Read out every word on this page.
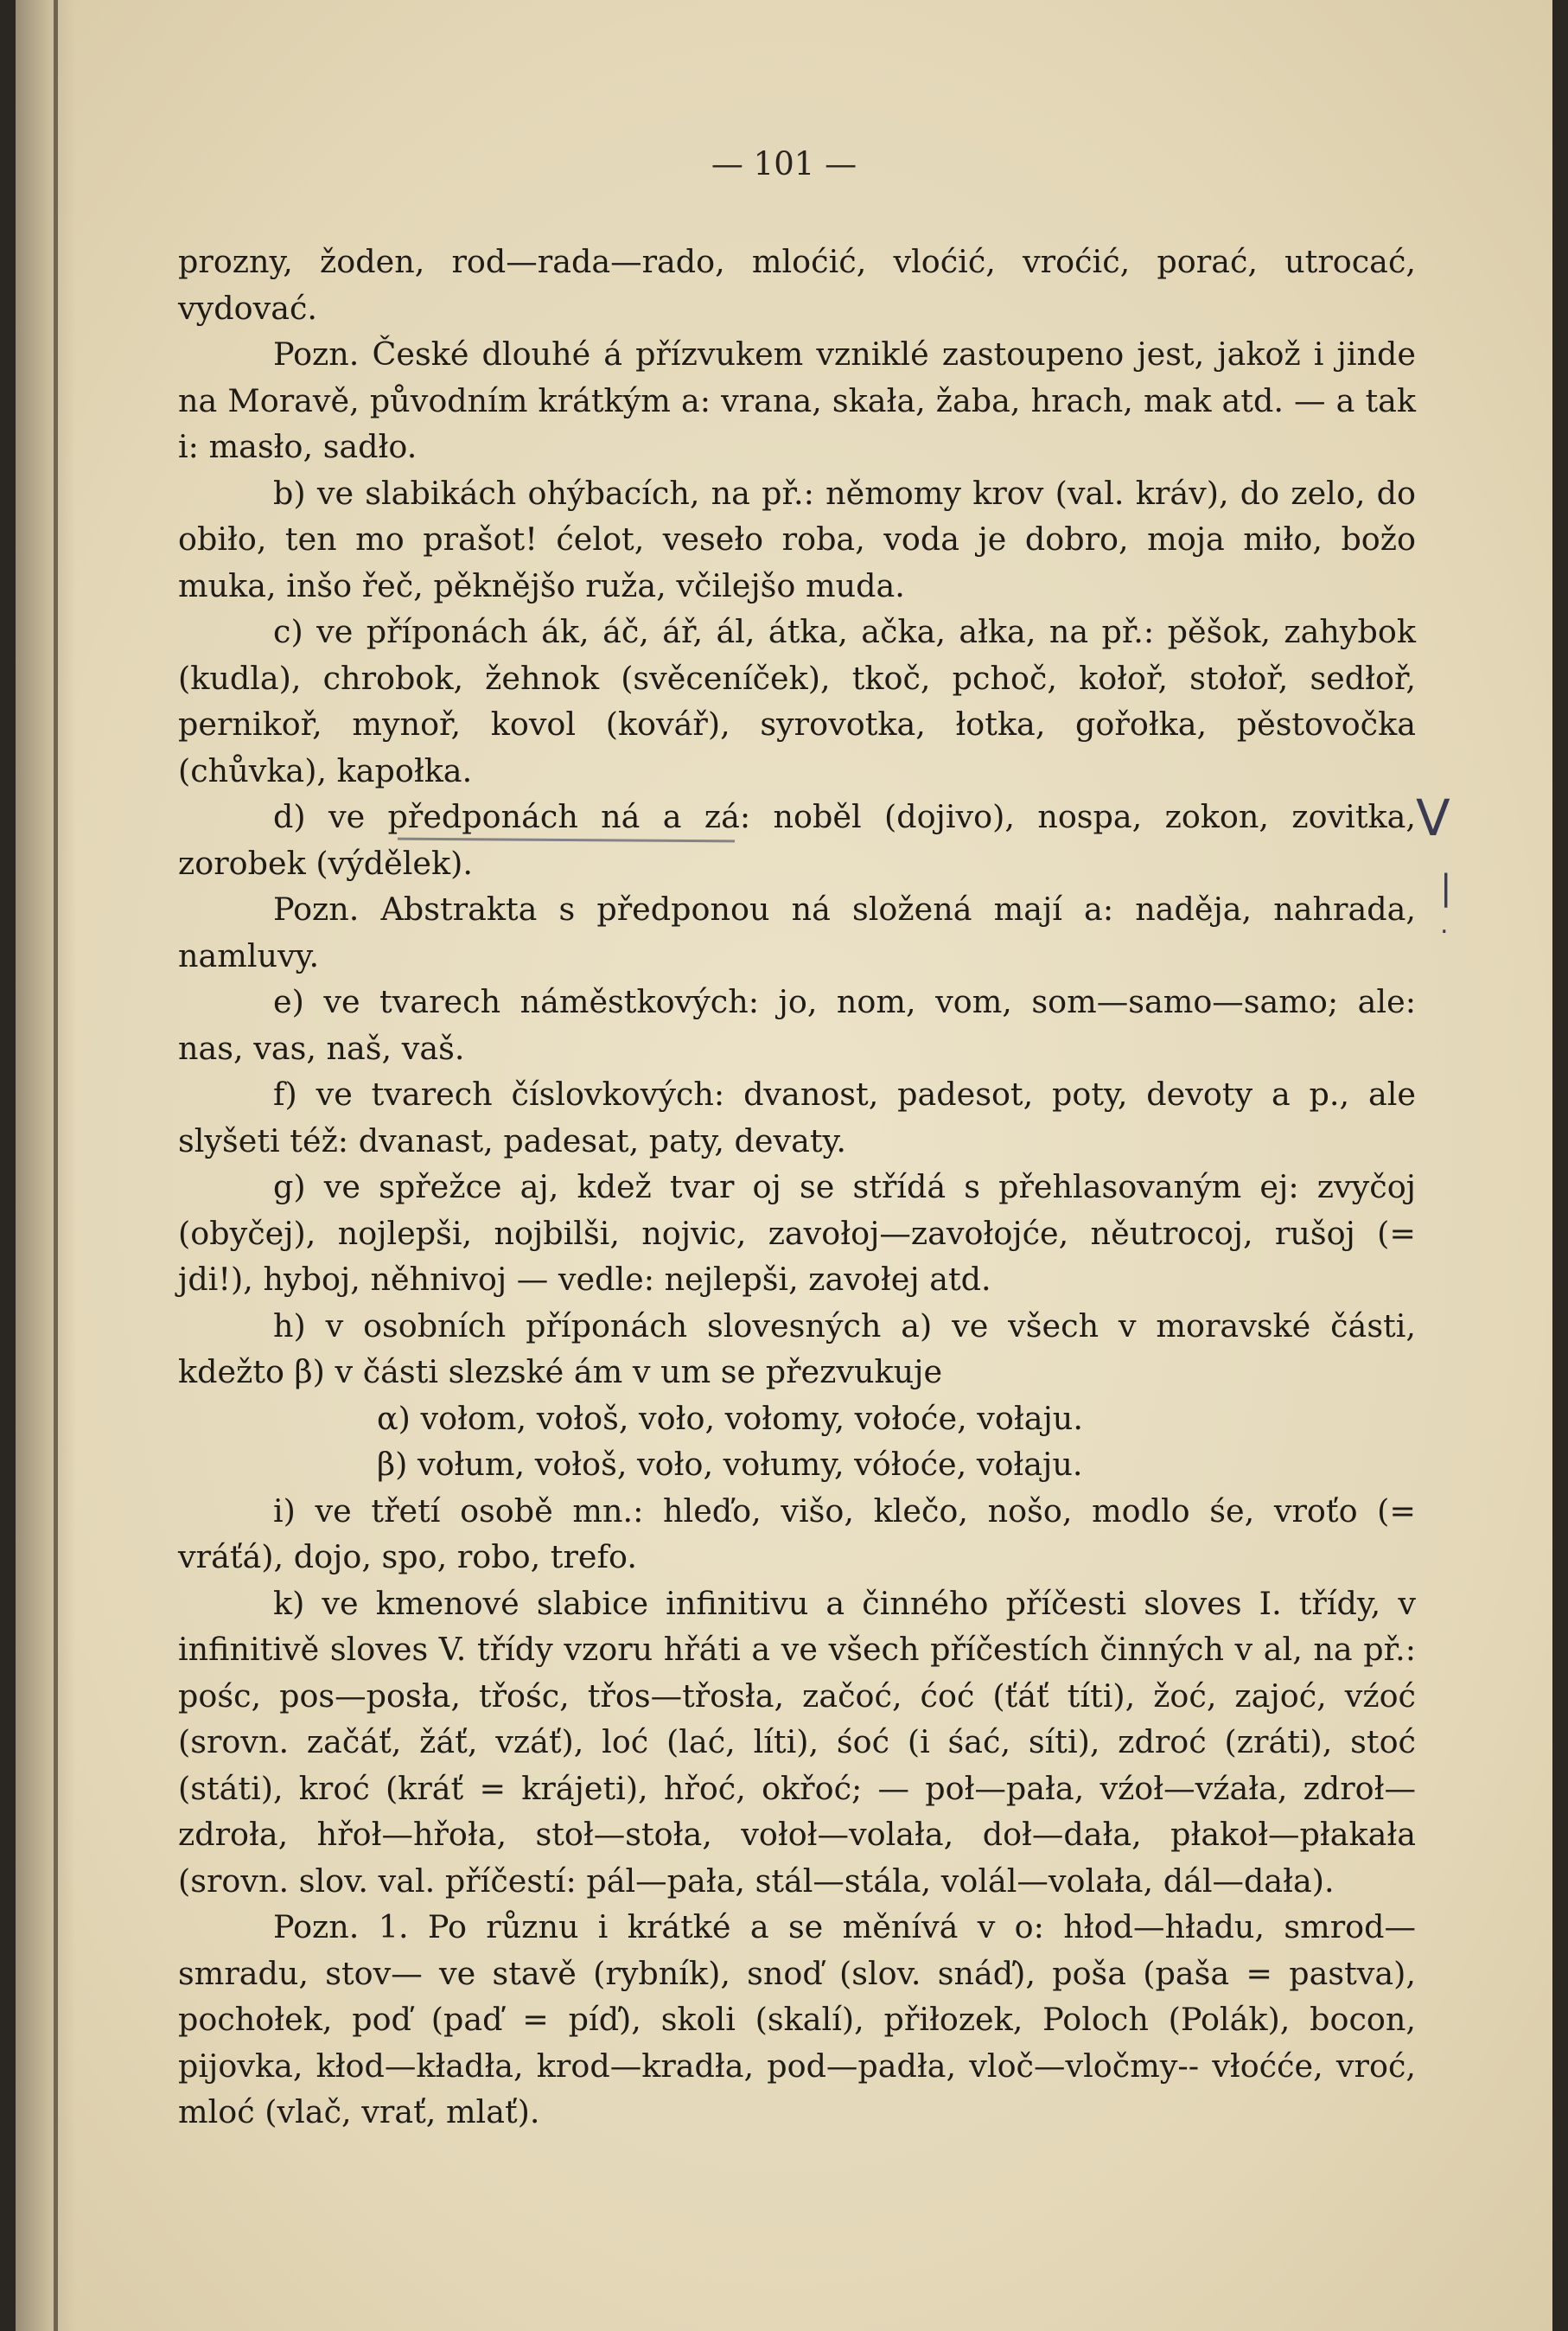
— 101 —

prozny, žoden, rod—rada—rado, mloćić, vloćić, vroćić, porać, utrocać, vydovać.

Pozn. České dlouhé á přízvukem vzniklé zastoupeno jest, jakož i jinde na Moravě, původním krátkým a: vrana, skała, žaba, hrach, mak atd. — a tak i: masło, sadło.

b) ve slabikách ohýbacích, na př.: němomy krov (val. kráv), do zelo, do obiło, ten mo prašot! ćelot, veseło roba, voda je dobro, moja miło, božo muka, inšo řeč, pěknějšo ruža, včilejšo muda.

c) ve příponách ák, áč, ář, ál, átka, ačka, ałka, na př.: pěšok, zahybok (kudla), chrobok, žehnok (svěceníček), tkoč, pchoč, kołoř, stołoř, sedłoř, pernikoř, mynoř, kovol (kovář), syrovotka, łotka, gořołka, pěstovočka (chůvka), kapołka.

d) ve předponách ná a zá: noběl (dojivo), nospa, zokon, zovitka, zorobek (výdělek).

Pozn. Abstrakta s předponou ná složená mají a: naděja, nahrada, namluvy.

e) ve tvarech náměstkových: jo, nom, vom, som—samo—samo; ale: nas, vas, naš, vaš.

f) ve tvarech číslovkových: dvanost, padesot, poty, devoty a p., ale slyšeti též: dvanast, padesat, paty, devaty.

g) ve spřežce aj, kdež tvar oj se střídá s přehlasovaným ej: zvyčoj (obyčej), nojlepši, nojbilši, nojvic, zavołoj—zavołojće, něutrocoj, rušoj (= jdi!), hyboj, něhnivoj — vedle: nejlepši, zavołej atd.

h) v osobních příponách slovesných a) ve všech v moravské části, kdežto β) v části slezské ám v um se přezvukuje

α) vołom, vołoš, voło, vołomy, vołoće, vołaju.

β) vołum, vołoš, voło, vołumy, vółoće, vołaju.

i) ve třetí osobě mn.: hleďo, višo, klečo, nošo, modlo śe, vroťo (= vráťá), dojo, spo, robo, trefo.

k) ve kmenové slabice infinitivu a činného příčesti sloves I. třídy, v infinitivě sloves V. třídy vzoru hřáti a ve všech příčestích činných v al, na př.: pośc, pos—posła, třośc, třos—třosła, začoć, ćoć (ťáť títi), žoć, zajoć, vźoć (srovn. začáť, žáť, vzáť), loć (lać, líti), śoć (i śać, síti), zdroć (zráti), stoć (státi), kroć (kráť = krájeti), hřoć, okřoć; — poł—pała, vźoł—vźała, zdroł—zdroła, hřoł—hřoła, stoł—stoła, vołoł—volała, doł—dała, płakoł—płakała (srovn. slov. val. příčestí: pál—pała, stál—stála, volál—volała, dál—dała).

Pozn. 1. Po různu i krátké a se měnívá v o: hłod—hładu, smrod—smradu, stov— ve stavě (rybník), snoď (slov. snáď), poša (paša = pastva), pochołek, poď (paď = píď), skoli (skalí), přiłozek, Poloch (Polák), bocon, pijovka, kłod—kładła, krod—kradła, pod—padła, vloč—vločmy-- vłoćće, vroć, mloć (vlač, vrať, mlať).

V
|
.
